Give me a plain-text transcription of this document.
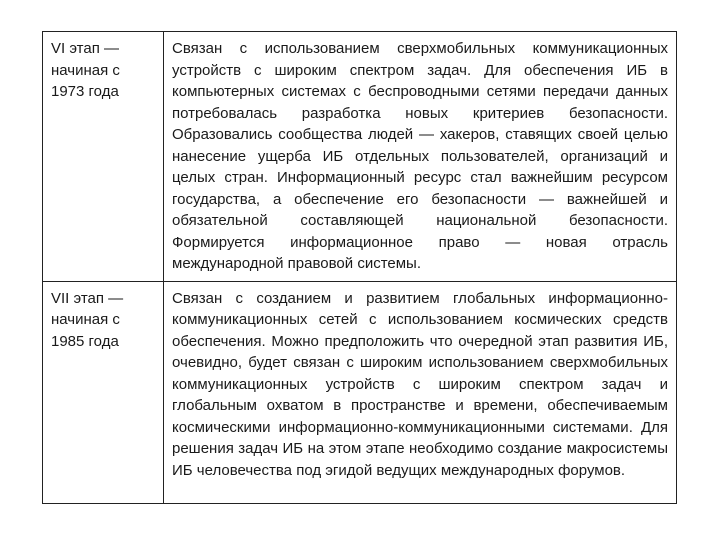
VI этап — начиная с 1973 года	Связан с использованием сверхмобильных коммуникационных устройств с широким спектром задач. Для обеспечения ИБ в компьютерных системах с беспроводными сетями передачи данных потребовалась разработка новых критериев безопасности. Образовались сообщества людей — хакеров, ставящих своей целью нанесение ущерба ИБ отдельных пользователей, организаций и целых стран. Информационный ресурс стал важнейшим ресурсом государства, а обеспечение его безопасности — важнейшей и обязательной составляющей национальной безопасности. Формируется информационное право — новая отрасль международной правовой системы.
VII этап — начиная с 1985 года	Связан с созданием и развитием глобальных информационно-коммуникационных сетей с использованием космических средств обеспечения. Можно предположить что очередной этап развития ИБ, очевидно, будет связан с широким использованием сверхмобильных коммуникационных устройств с широким спектром задач и глобальным охватом в пространстве и времени, обеспечиваемым космическими информационно-коммуникационными системами. Для решения задач ИБ на этом этапе необходимо создание макросистемы ИБ человечества под эгидой ведущих международных форумов.
